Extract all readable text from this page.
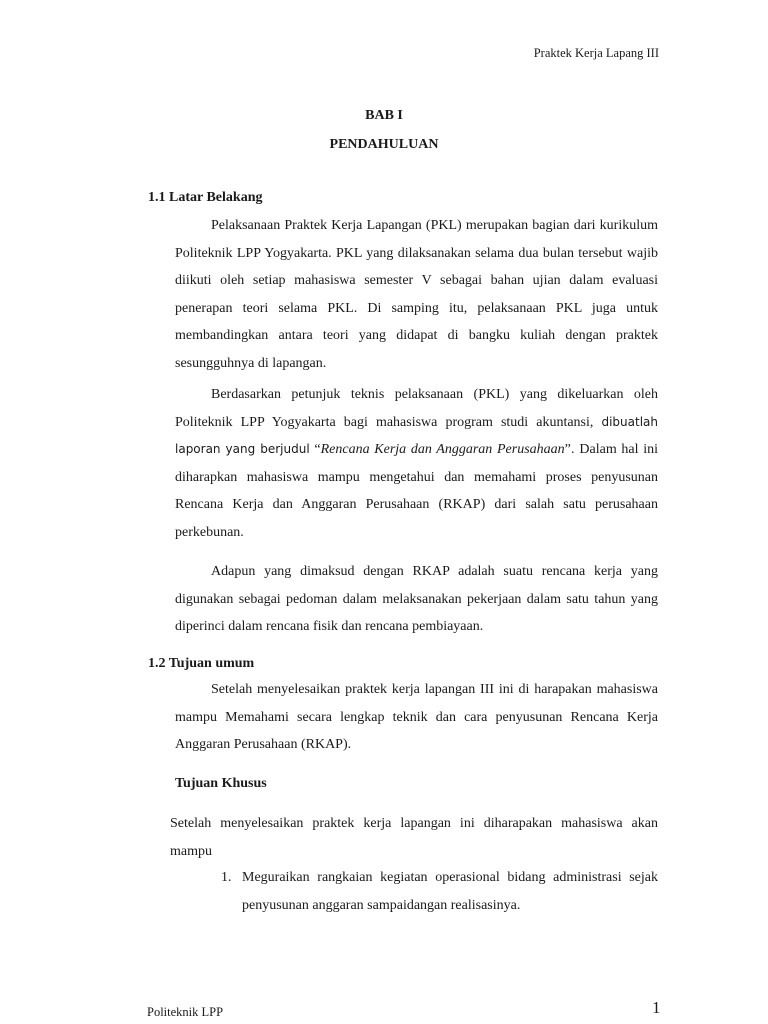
Praktek Kerja Lapang III
BAB I
PENDAHULUAN
1.1 Latar Belakang

Pelaksanaan Praktek Kerja Lapangan (PKL) merupakan bagian dari kurikulum Politeknik LPP Yogyakarta. PKL yang dilaksanakan selama dua bulan tersebut wajib diikuti oleh setiap mahasiswa semester V sebagai bahan ujian dalam evaluasi penerapan teori selama PKL. Di samping itu, pelaksanaan PKL juga untuk membandingkan antara teori yang didapat di bangku kuliah dengan praktek sesungguhnya di lapangan.

Berdasarkan petunjuk teknis pelaksanaan (PKL) yang dikeluarkan oleh Politeknik LPP Yogyakarta bagi mahasiswa program studi akuntansi, dibuatlah laporan yang berjudul “Rencana Kerja dan Anggaran Perusahaan”. Dalam hal ini diharapkan mahasiswa mampu mengetahui dan memahami proses penyusunan Rencana Kerja dan Anggaran Perusahaan (RKAP) dari salah satu perusahaan perkebunan.

Adapun yang dimaksud dengan RKAP adalah suatu rencana kerja yang digunakan sebagai pedoman dalam melaksanakan pekerjaan dalam satu tahun yang diperinci dalam rencana fisik dan rencana pembiayaan.

1.2 Tujuan umum

Setelah menyelesaikan praktek kerja lapangan III ini di harapakan mahasiswa mampu Memahami secara lengkap teknik dan cara penyusunan Rencana Kerja Anggaran Perusahaan (RKAP).

Tujuan Khusus

Setelah menyelesaikan praktek kerja lapangan ini diharapakan mahasiswa akan mampu

1. Meguraikan rangkaian kegiatan operasional bidang administrasi sejak penyusunan anggaran sampaidangan realisasinya.
Politeknik LPP	1
